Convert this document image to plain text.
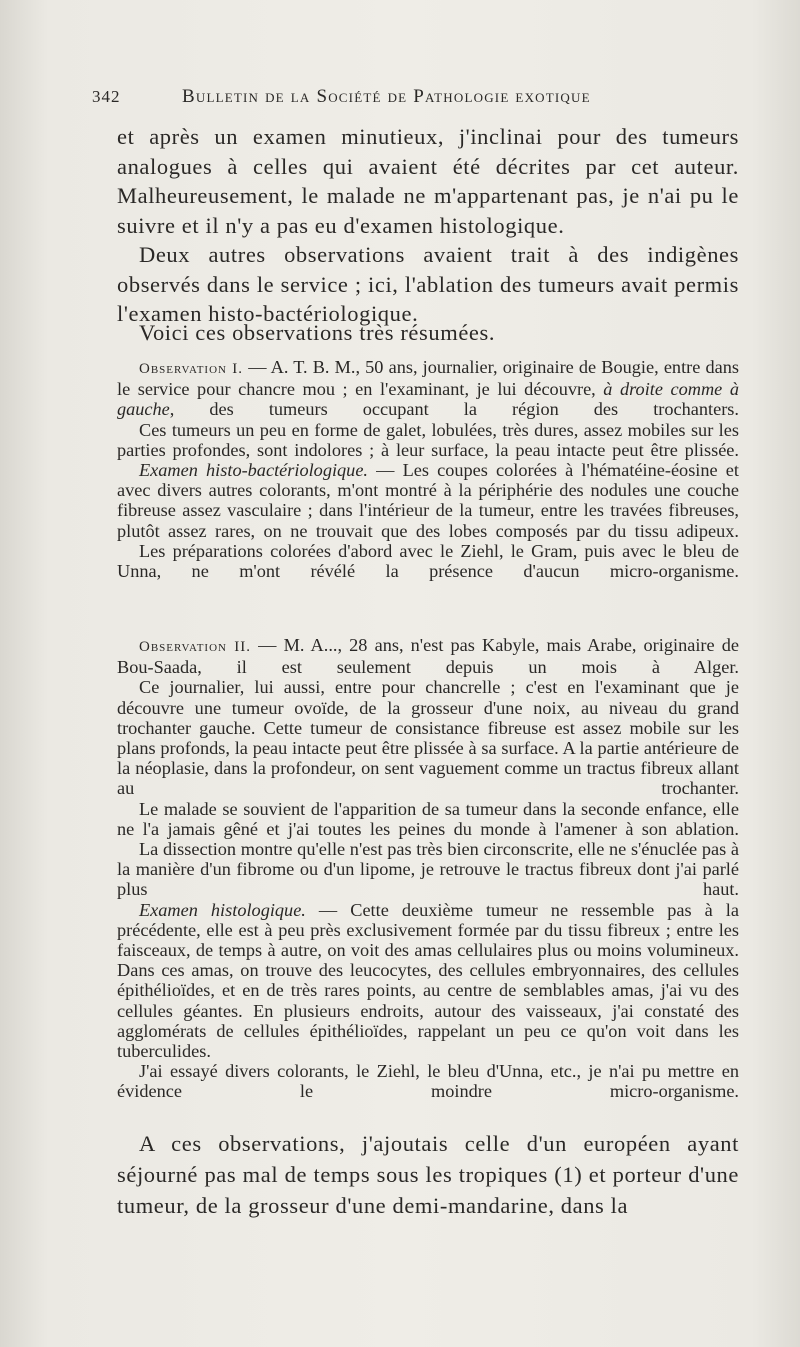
342	Bulletin de la Société de Pathologie exotique

et après un examen minutieux, j'inclinai pour des tumeurs analogues à celles qui avaient été décrites par cet auteur. Malheureusement, le malade ne m'appartenant pas, je n'ai pu le suivre et il n'y a pas eu d'examen histologique.

Deux autres observations avaient trait à des indigènes observés dans le service ; ici, l'ablation des tumeurs avait permis l'examen histo-bactériologique.

Voici ces observations très résumées.

Observation I. — A. T. B. M., 50 ans, journalier, originaire de Bougie, entre dans le service pour chancre mou ; en l'examinant, je lui découvre, à droite comme à gauche, des tumeurs occupant la région des trochanters.

Ces tumeurs un peu en forme de galet, lobulées, très dures, assez mobiles sur les parties profondes, sont indolores ; à leur surface, la peau intacte peut être plissée.

Examen histo-bactériologique. — Les coupes colorées à l'hématéine-éosine et avec divers autres colorants, m'ont montré à la périphérie des nodules une couche fibreuse assez vasculaire ; dans l'intérieur de la tumeur, entre les travées fibreuses, plutôt assez rares, on ne trouvait que des lobes composés par du tissu adipeux.

Les préparations colorées d'abord avec le Ziehl, le Gram, puis avec le bleu de Unna, ne m'ont révélé la présence d'aucun micro-organisme.

Observation II. — M. A..., 28 ans, n'est pas Kabyle, mais Arabe, originaire de Bou-Saada, il est seulement depuis un mois à Alger.

Ce journalier, lui aussi, entre pour chancrelle ; c'est en l'examinant que je découvre une tumeur ovoïde, de la grosseur d'une noix, au niveau du grand trochanter gauche. Cette tumeur de consistance fibreuse est assez mobile sur les plans profonds, la peau intacte peut être plissée à sa surface. A la partie antérieure de la néoplasie, dans la profondeur, on sent vaguement comme un tractus fibreux allant au trochanter.

Le malade se souvient de l'apparition de sa tumeur dans la seconde enfance, elle ne l'a jamais gêné et j'ai toutes les peines du monde à l'amener à son ablation.

La dissection montre qu'elle n'est pas très bien circonscrite, elle ne s'énuclée pas à la manière d'un fibrome ou d'un lipome, je retrouve le tractus fibreux dont j'ai parlé plus haut.

Examen histologique. — Cette deuxième tumeur ne ressemble pas à la précédente, elle est à peu près exclusivement formée par du tissu fibreux ; entre les faisceaux, de temps à autre, on voit des amas cellulaires plus ou moins volumineux. Dans ces amas, on trouve des leucocytes, des cellules embryonnaires, des cellules épithélioïdes, et en de très rares points, au centre de semblables amas, j'ai vu des cellules géantes. En plusieurs endroits, autour des vaisseaux, j'ai constaté des agglomérats de cellules épithélioïdes, rappelant un peu ce qu'on voit dans les tuberculides.

J'ai essayé divers colorants, le Ziehl, le bleu d'Unna, etc., je n'ai pu mettre en évidence le moindre micro-organisme.

A ces observations, j'ajoutais celle d'un européen ayant séjourné pas mal de temps sous les tropiques (1) et porteur d'une tumeur, de la grosseur d'une demi-mandarine, dans la
